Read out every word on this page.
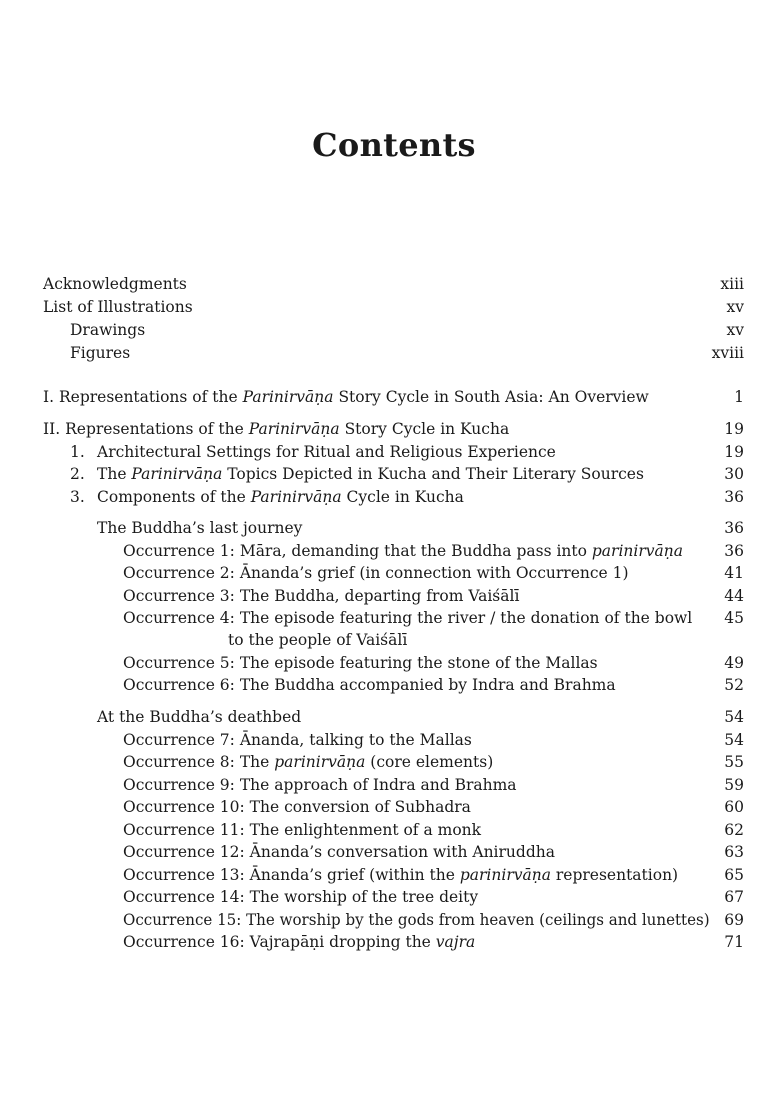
Contents
Acknowledgments	xiii
List of Illustrations	xv
Drawings	xv
Figures	xviii
I. Representations of the Parinirvāṇa Story Cycle in South Asia: An Overview	1
II. Representations of the Parinirvāṇa Story Cycle in Kucha	19
1. Architectural Settings for Ritual and Religious Experience	19
2. The Parinirvāṇa Topics Depicted in Kucha and Their Literary Sources	30
3. Components of the Parinirvāṇa Cycle in Kucha	36
The Buddha’s last journey	36
Occurrence 1: Māra, demanding that the Buddha pass into parinirvāṇa	36
Occurrence 2: Ānanda’s grief (in connection with Occurrence 1)	41
Occurrence 3: The Buddha, departing from Vaiśālī	44
Occurrence 4: The episode featuring the river / the donation of the bowl 45
to the people of Vaiśālī
Occurrence 5: The episode featuring the stone of the Mallas	49
Occurrence 6: The Buddha accompanied by Indra and Brahma	52
At the Buddha’s deathbed	54
Occurrence 7: Ānanda, talking to the Mallas	54
Occurrence 8: The parinirvāṇa (core elements)	55
Occurrence 9: The approach of Indra and Brahma	59
Occurrence 10: The conversion of Subhadra	60
Occurrence 11: The enlightenment of a monk	62
Occurrence 12: Ānanda’s conversation with Aniruddha	63
Occurrence 13: Ānanda’s grief (within the parinirvāṇa representation)	65
Occurrence 14: The worship of the tree deity	67
Occurrence 15: The worship by the gods from heaven (ceilings and lunettes) 69
Occurrence 16: Vajrapāṇi dropping the vajra	71
